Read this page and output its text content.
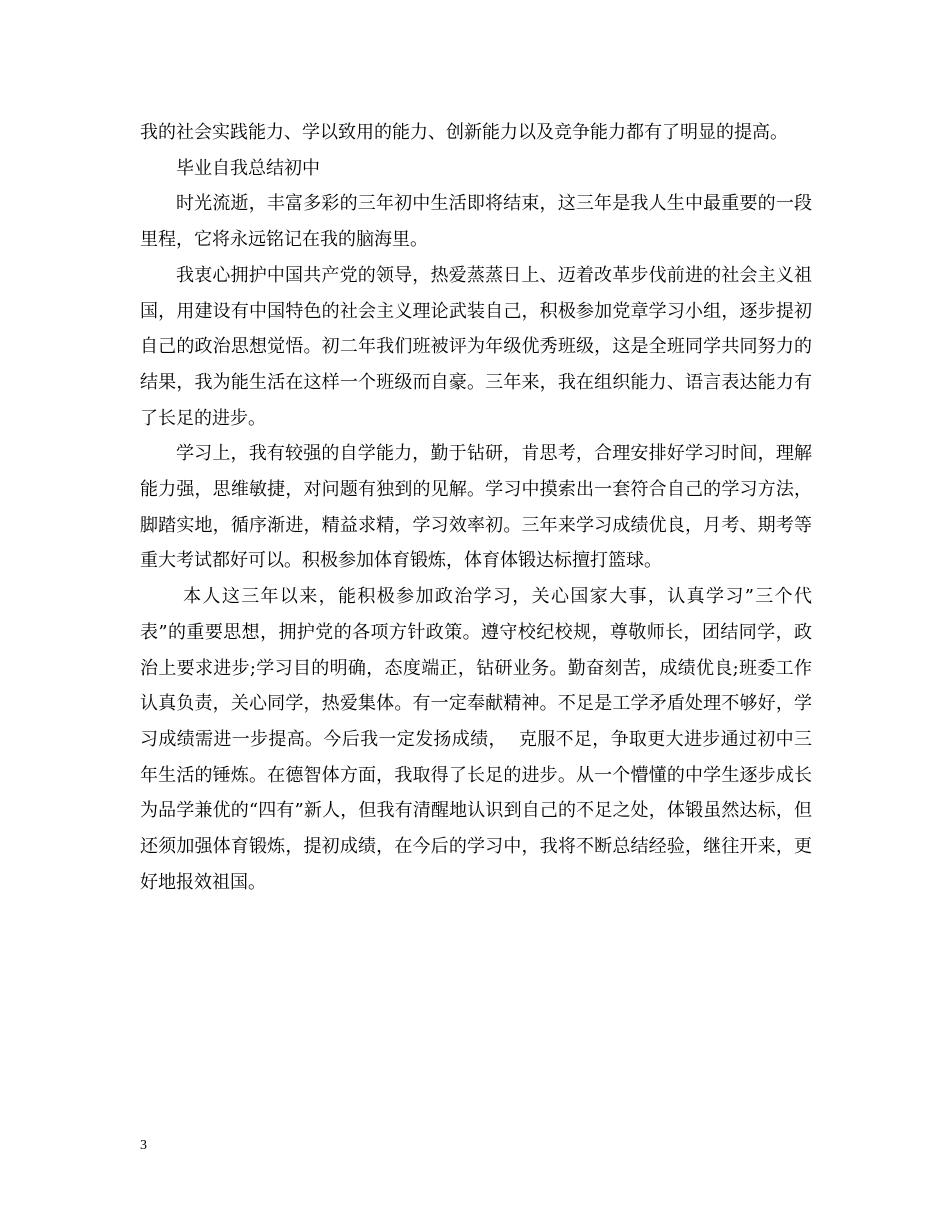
我的社会实践能力、学以致用的能力、创新能力以及竞争能力都有了明显的提高。

毕业自我总结初中

时光流逝，丰富多彩的三年初中生活即将结束，这三年是我人生中最重要的一段里程，它将永远铭记在我的脑海里。

我衷心拥护中国共产党的领导，热爱蒸蒸日上、迈着改革步伐前进的社会主义祖国，用建设有中国特色的社会主义理论武装自己，积极参加党章学习小组，逐步提初自己的政治思想觉悟。初二年我们班被评为年级优秀班级，这是全班同学共同努力的结果，我为能生活在这样一个班级而自豪。三年来，我在组织能力、语言表达能力有了长足的进步。

学习上，我有较强的自学能力，勤于钻研，肯思考，合理安排好学习时间，理解能力强，思维敏捷，对问题有独到的见解。学习中摸索出一套符合自己的学习方法，脚踏实地，循序渐进，精益求精，学习效率初。三年来学习成绩优良，月考、期考等重大考试都好可以。积极参加体育锻炼，体育体锻达标擅打篮球。

本人这三年以来，能积极参加政治学习，关心国家大事，认真学习”三个代表”的重要思想，拥护党的各项方针政策。遵守校纪校规，尊敬师长，团结同学，政治上要求进步;学习目的明确，态度端正，钻研业务。勤奋刻苦，成绩优良;班委工作认真负责，关心同学，热爱集体。有一定奉献精神。不足是工学矛盾处理不够好，学习成绩需进一步提高。今后我一定发扬成绩，  克服不足，争取更大进步通过初中三年生活的锤炼。在德智体方面，我取得了长足的进步。从一个懵懂的中学生逐步成长为品学兼优的“四有”新人，但我有清醒地认识到自己的不足之处，体锻虽然达标，但还须加强体育锻炼，提初成绩，在今后的学习中，我将不断总结经验，继往开来，更好地报效祖国。

3
